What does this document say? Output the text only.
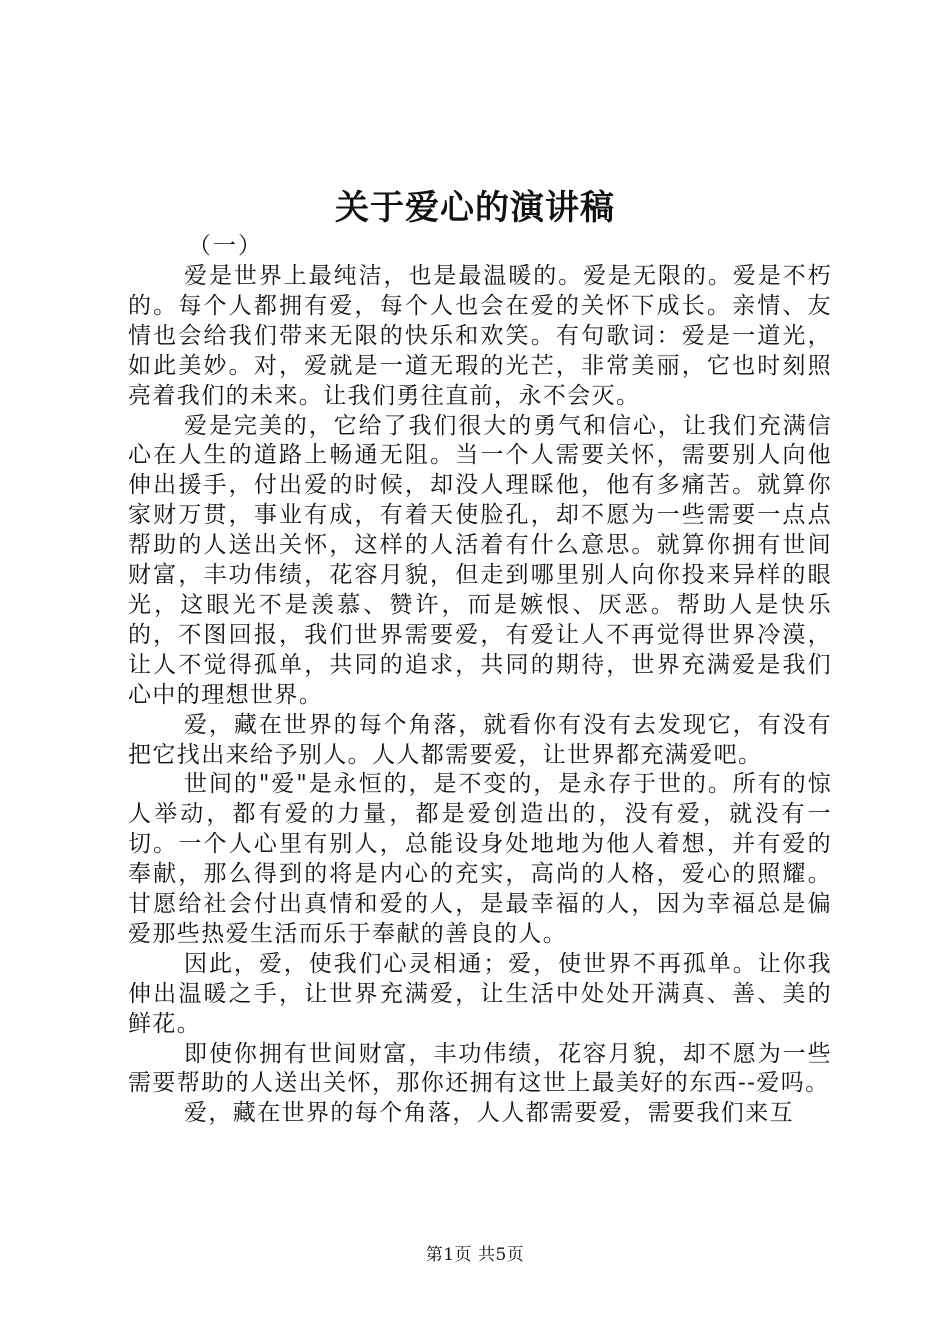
关于爱心的演讲稿

（一）

爱是世界上最纯洁，也是最温暖的。爱是无限的。爱是不朽的。每个人都拥有爱，每个人也会在爱的关怀下成长。亲情、友情也会给我们带来无限的快乐和欢笑。有句歌词：爱是一道光，如此美妙。对，爱就是一道无瑕的光芒，非常美丽，它也时刻照亮着我们的未来。让我们勇往直前，永不会灭。

爱是完美的，它给了我们很大的勇气和信心，让我们充满信心在人生的道路上畅通无阻。当一个人需要关怀，需要别人向他伸出援手，付出爱的时候，却没人理睬他，他有多痛苦。就算你家财万贯，事业有成，有着天使脸孔，却不愿为一些需要一点点帮助的人送出关怀，这样的人活着有什么意思。就算你拥有世间财富，丰功伟绩，花容月貌，但走到哪里别人向你投来异样的眼光，这眼光不是羡慕、赞许，而是嫉恨、厌恶。帮助人是快乐的，不图回报，我们世界需要爱，有爱让人不再觉得世界冷漠，让人不觉得孤单，共同的追求，共同的期待，世界充满爱是我们心中的理想世界。

爱，藏在世界的每个角落，就看你有没有去发现它，有没有把它找出来给予别人。人人都需要爱，让世界都充满爱吧。

世间的"爱"是永恒的，是不变的，是永存于世的。所有的惊人举动，都有爱的力量，都是爱创造出的，没有爱，就没有一切。一个人心里有别人，总能设身处地地为他人着想，并有爱的奉献，那么得到的将是内心的充实，高尚的人格，爱心的照耀。甘愿给社会付出真情和爱的人，是最幸福的人，因为幸福总是偏爱那些热爱生活而乐于奉献的善良的人。

因此，爱，使我们心灵相通；爱，使世界不再孤单。让你我伸出温暖之手，让世界充满爱，让生活中处处开满真、善、美的鲜花。

即使你拥有世间财富，丰功伟绩，花容月貌，却不愿为一些需要帮助的人送出关怀，那你还拥有这世上最美好的东西--爱吗。

爱，藏在世界的每个角落，人人都需要爱，需要我们来互

第1页 共5页
